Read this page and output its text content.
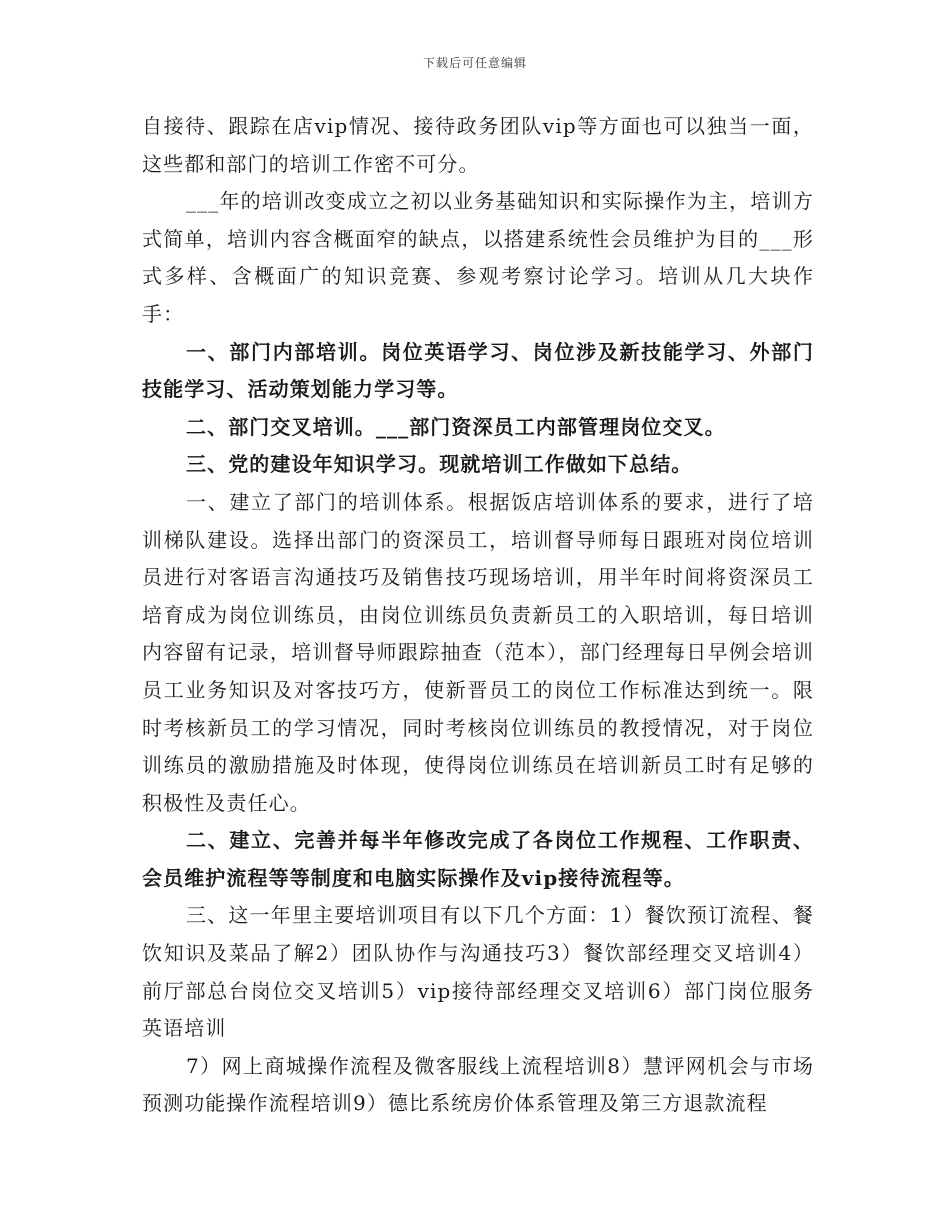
下载后可任意编辑

自接待、跟踪在店vip情况、接待政务团队vip等方面也可以独当一面，这些都和部门的培训工作密不可分。

___年的培训改变成立之初以业务基础知识和实际操作为主，培训方式简单，培训内容含概面窄的缺点，以搭建系统性会员维护为目的___形式多样、含概面广的知识竞赛、参观考察讨论学习。培训从几大块作手：

一、部门内部培训。岗位英语学习、岗位涉及新技能学习、外部门技能学习、活动策划能力学习等。

二、部门交叉培训。___部门资深员工内部管理岗位交叉。

三、党的建设年知识学习。现就培训工作做如下总结。

一、建立了部门的培训体系。根据饭店培训体系的要求，进行了培训梯队建设。选择出部门的资深员工，培训督导师每日跟班对岗位培训员进行对客语言沟通技巧及销售技巧现场培训，用半年时间将资深员工培育成为岗位训练员，由岗位训练员负责新员工的入职培训，每日培训内容留有记录，培训督导师跟踪抽查（范本），部门经理每日早例会培训员工业务知识及对客技巧方，使新晋员工的岗位工作标准达到统一。限时考核新员工的学习情况，同时考核岗位训练员的教授情况，对于岗位训练员的激励措施及时体现，使得岗位训练员在培训新员工时有足够的积极性及责任心。

二、建立、完善并每半年修改完成了各岗位工作规程、工作职责、会员维护流程等等制度和电脑实际操作及vip接待流程等。

三、这一年里主要培训项目有以下几个方面：1）餐饮预订流程、餐饮知识及菜品了解2）团队协作与沟通技巧3）餐饮部经理交叉培训4）前厅部总台岗位交叉培训5）vip接待部经理交叉培训6）部门岗位服务英语培训

7）网上商城操作流程及微客服线上流程培训8）慧评网机会与市场预测功能操作流程培训9）德比系统房价体系管理及第三方退款流程
